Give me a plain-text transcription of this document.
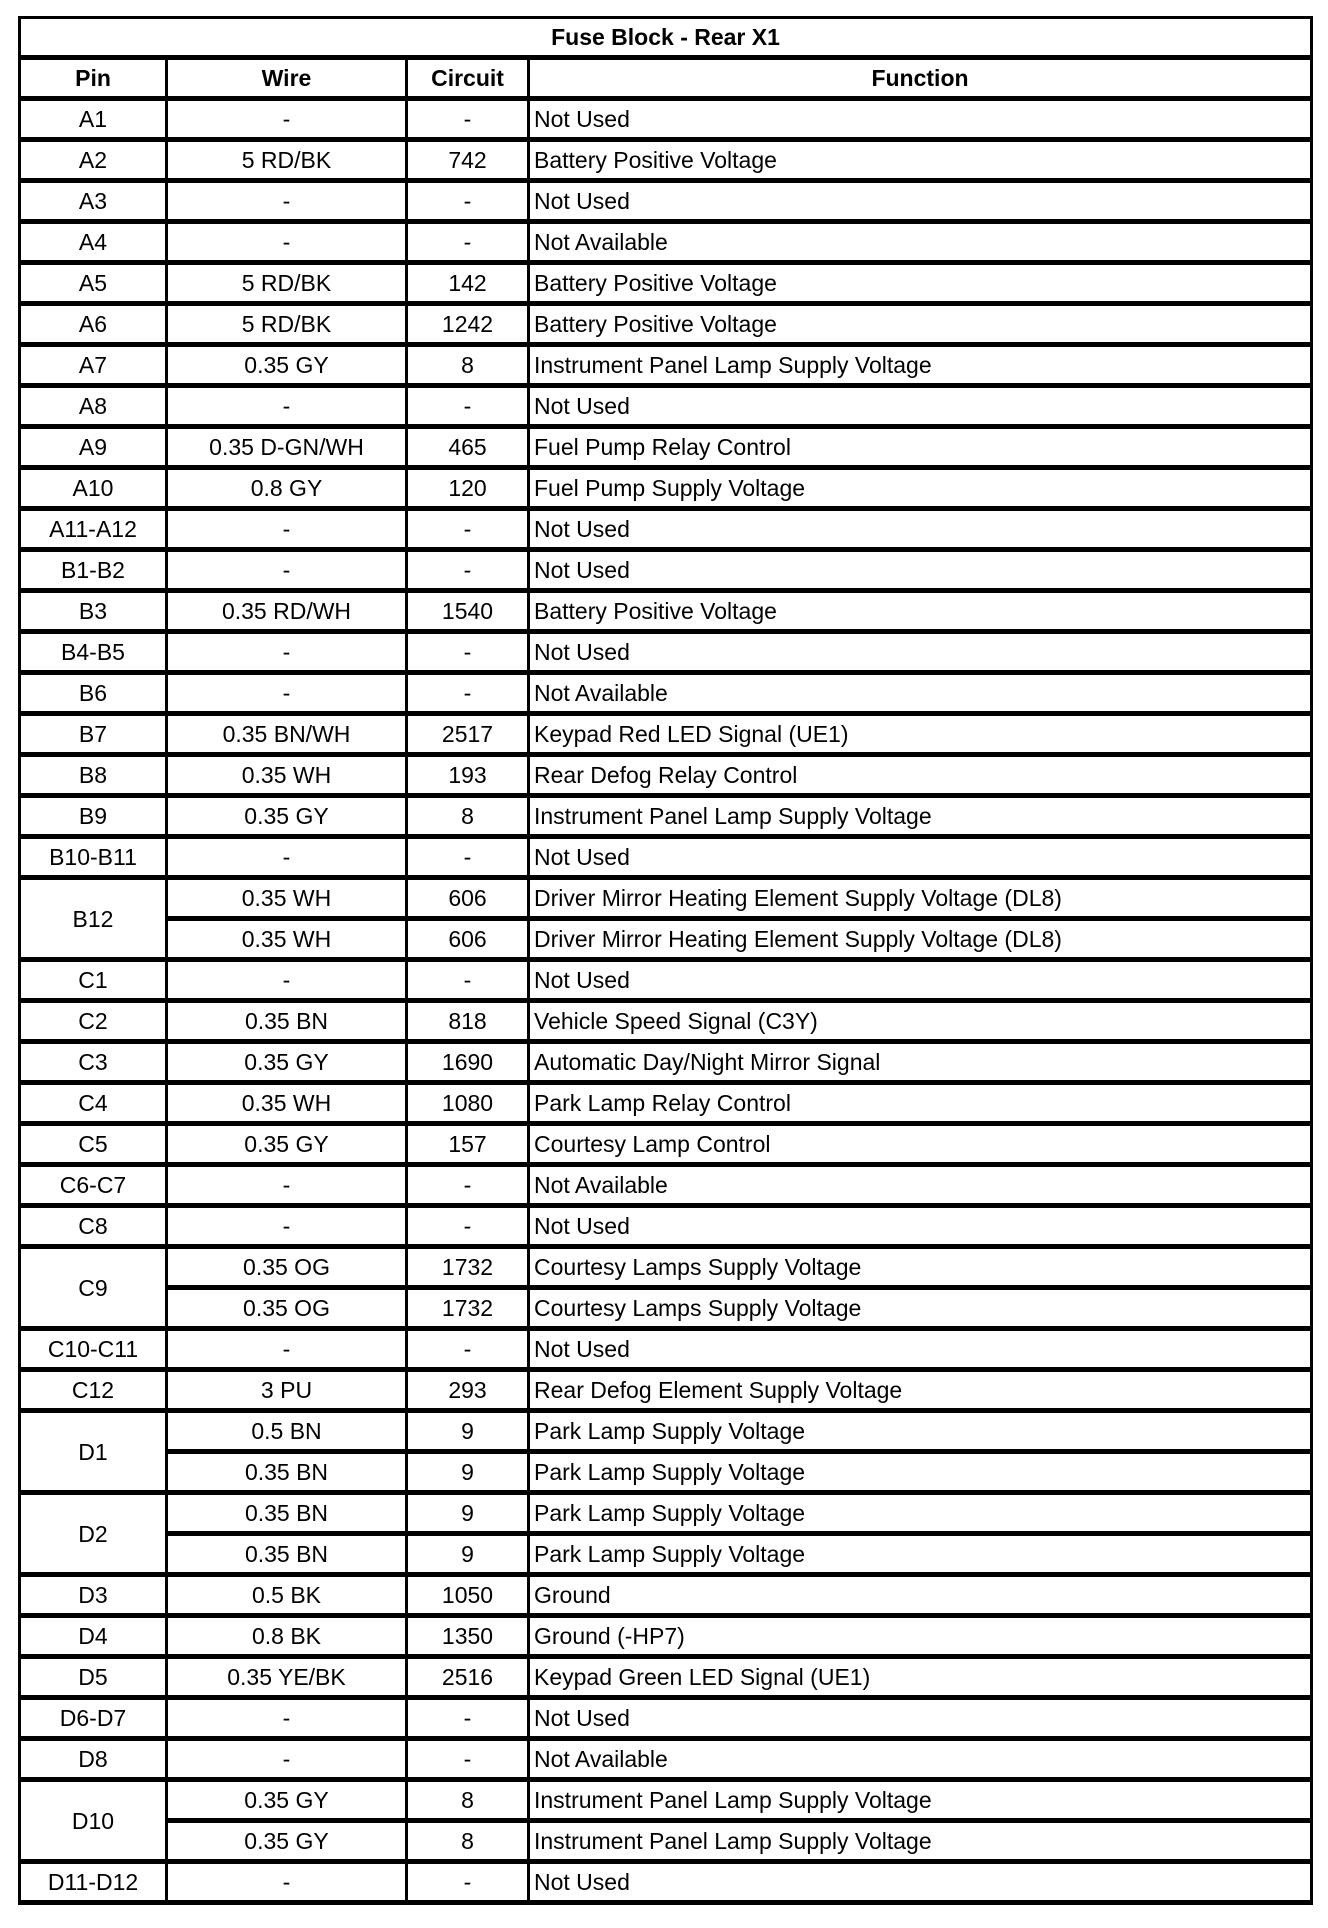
Fuse Block - Rear X1			
Pin	Wire	Circuit	Function
A1	-	-	Not Used
A2	5 RD/BK	742	Battery Positive Voltage
A3	-	-	Not Used
A4	-	-	Not Available
A5	5 RD/BK	142	Battery Positive Voltage
A6	5 RD/BK	1242	Battery Positive Voltage
A7	0.35 GY	8	Instrument Panel Lamp Supply Voltage
A8	-	-	Not Used
A9	0.35 D-GN/WH	465	Fuel Pump Relay Control
A10	0.8 GY	120	Fuel Pump Supply Voltage
A11-A12	-	-	Not Used
B1-B2	-	-	Not Used
B3	0.35 RD/WH	1540	Battery Positive Voltage
B4-B5	-	-	Not Used
B6	-	-	Not Available
B7	0.35 BN/WH	2517	Keypad Red LED Signal (UE1)
B8	0.35 WH	193	Rear Defog Relay Control
B9	0.35 GY	8	Instrument Panel Lamp Supply Voltage
B10-B11	-	-	Not Used
B12	0.35 WH	606	Driver Mirror Heating Element Supply Voltage (DL8)
	0.35 WH	606	Driver Mirror Heating Element Supply Voltage (DL8)
C1	-	-	Not Used
C2	0.35 BN	818	Vehicle Speed Signal (C3Y)
C3	0.35 GY	1690	Automatic Day/Night Mirror Signal
C4	0.35 WH	1080	Park Lamp Relay Control
C5	0.35 GY	157	Courtesy Lamp Control
C6-C7	-	-	Not Available
C8	-	-	Not Used
C9	0.35 OG	1732	Courtesy Lamps Supply Voltage
	0.35 OG	1732	Courtesy Lamps Supply Voltage
C10-C11	-	-	Not Used
C12	3 PU	293	Rear Defog Element Supply Voltage
D1	0.5 BN	9	Park Lamp Supply Voltage
	0.35 BN	9	Park Lamp Supply Voltage
D2	0.35 BN	9	Park Lamp Supply Voltage
	0.35 BN	9	Park Lamp Supply Voltage
D3	0.5 BK	1050	Ground
D4	0.8 BK	1350	Ground (-HP7)
D5	0.35 YE/BK	2516	Keypad Green LED Signal (UE1)
D6-D7	-	-	Not Used
D8	-	-	Not Available
D10	0.35 GY	8	Instrument Panel Lamp Supply Voltage
	0.35 GY	8	Instrument Panel Lamp Supply Voltage
D11-D12	-	-	Not Used
